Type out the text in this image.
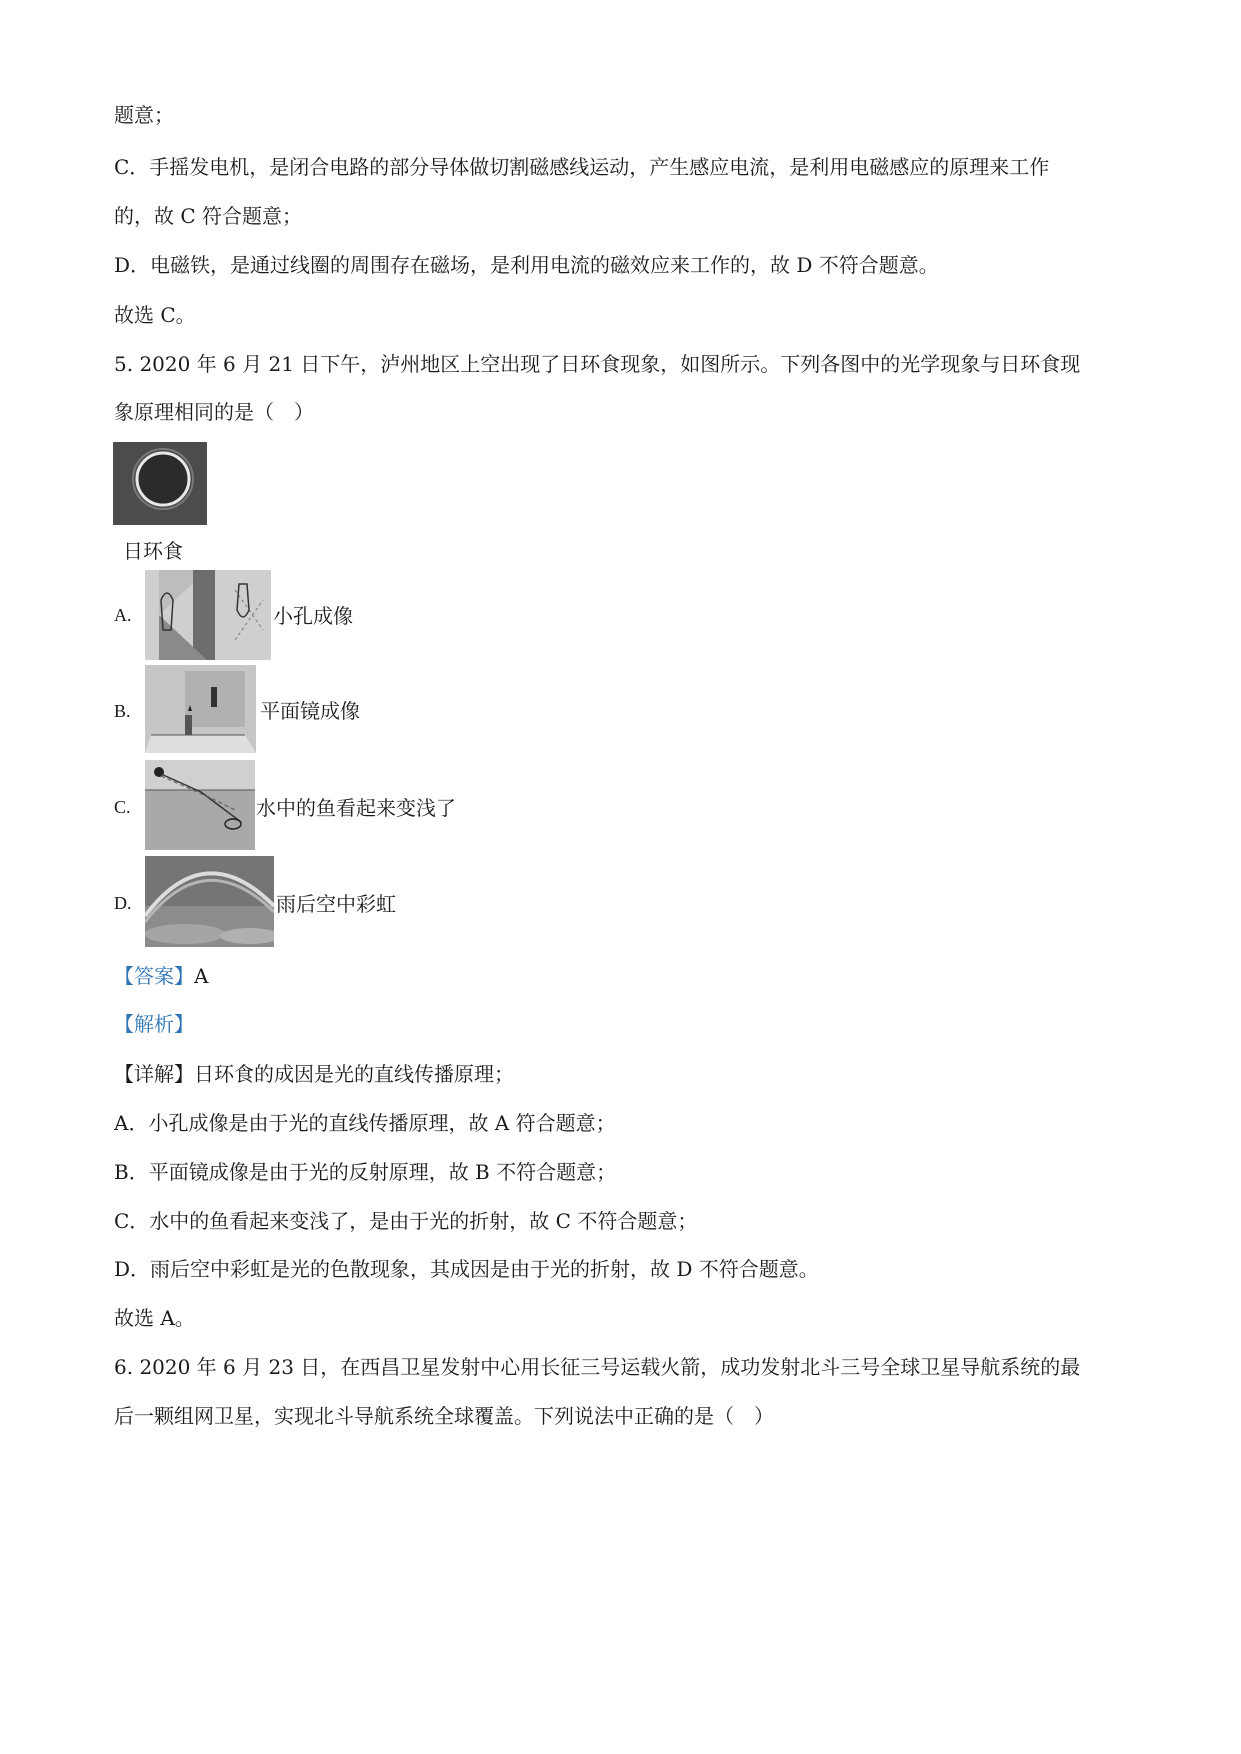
题意；
C．手摇发电机，是闭合电路的部分导体做切割磁感线运动，产生感应电流，是利用电磁感应的原理来工作
的，故 C 符合题意；
D．电磁铁，是通过线圈的周围存在磁场，是利用电流的磁效应来工作的，故 D 不符合题意。
故选 C。
5. 2020 年 6 月 21 日下午，泸州地区上空出现了日环食现象，如图所示。下列各图中的光学现象与日环食现
象原理相同的是（　）
日环食
A.	小孔成像
B.	平面镜成像
C.	水中的鱼看起来变浅了
D.	雨后空中彩虹
【答案】A
【解析】
【详解】日环食的成因是光的直线传播原理；
A．小孔成像是由于光的直线传播原理，故 A 符合题意；
B．平面镜成像是由于光的反射原理，故 B 不符合题意；
C．水中的鱼看起来变浅了，是由于光的折射，故 C 不符合题意；
D．雨后空中彩虹是光的色散现象，其成因是由于光的折射，故 D 不符合题意。
故选 A。
6. 2020 年 6 月 23 日，在西昌卫星发射中心用长征三号运载火箭，成功发射北斗三号全球卫星导航系统的最
后一颗组网卫星，实现北斗导航系统全球覆盖。下列说法中正确的是（　）
